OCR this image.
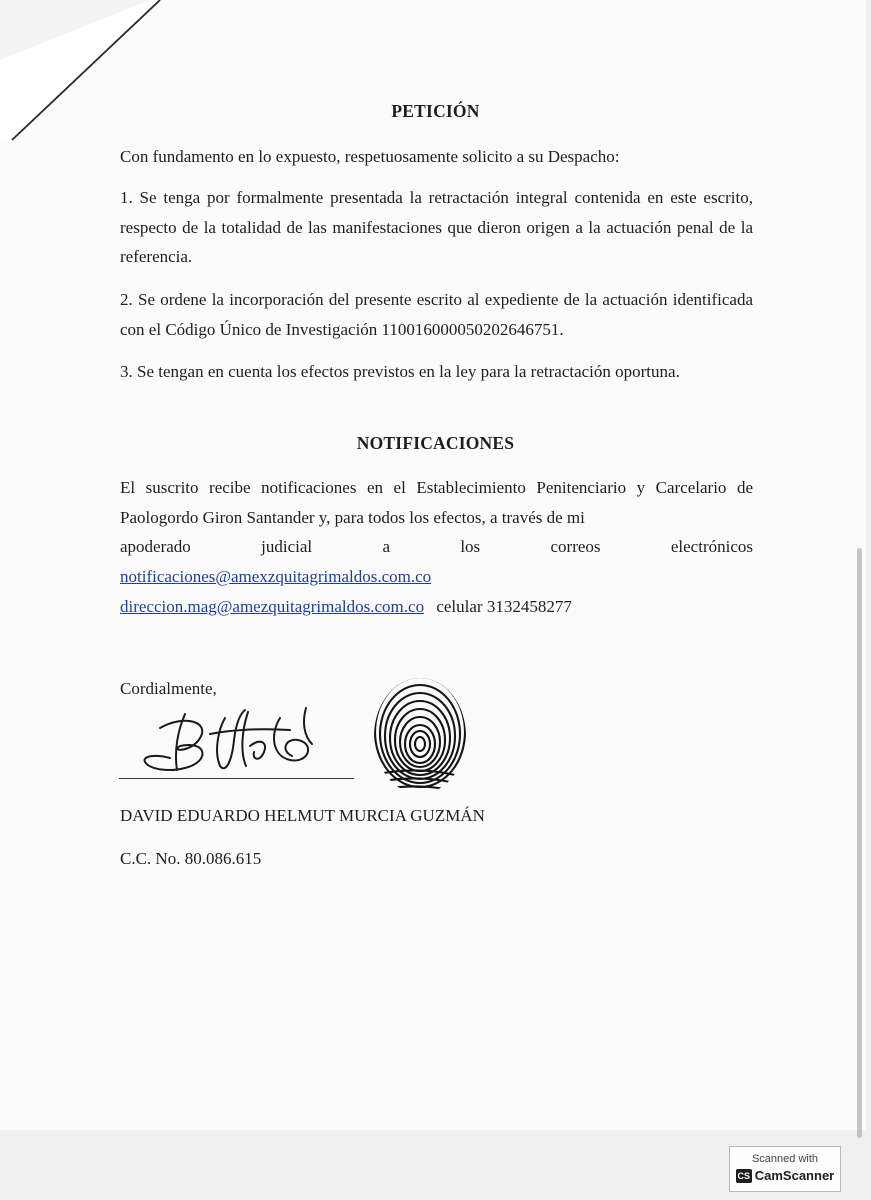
PETICIÓN
Con fundamento en lo expuesto, respetuosamente solicito a su Despacho:
1. Se tenga por formalmente presentada la retractación integral contenida en este escrito, respecto de la totalidad de las manifestaciones que dieron origen a la actuación penal de la referencia.
2. Se ordene la incorporación del presente escrito al expediente de la actuación identificada con el Código Único de Investigación 110016000050202646751.
3. Se tengan en cuenta los efectos previstos en la ley para la retractación oportuna.
NOTIFICACIONES
El suscrito recibe notificaciones en el Establecimiento Penitenciario y Carcelario de Paologordo Giron Santander y, para todos los efectos, a través de mi
apoderado	judicial	a	los	correos	electrónicos
notificaciones@amexzquitagrimaldos.com.co
direccion.mag@amezquitagrimaldos.com.co celular 3132458277
Cordialmente,
DAVID EDUARDO HELMUT MURCIA GUZMÁN
C.C. No. 80.086.615
Scanned with
CS CamScanner
